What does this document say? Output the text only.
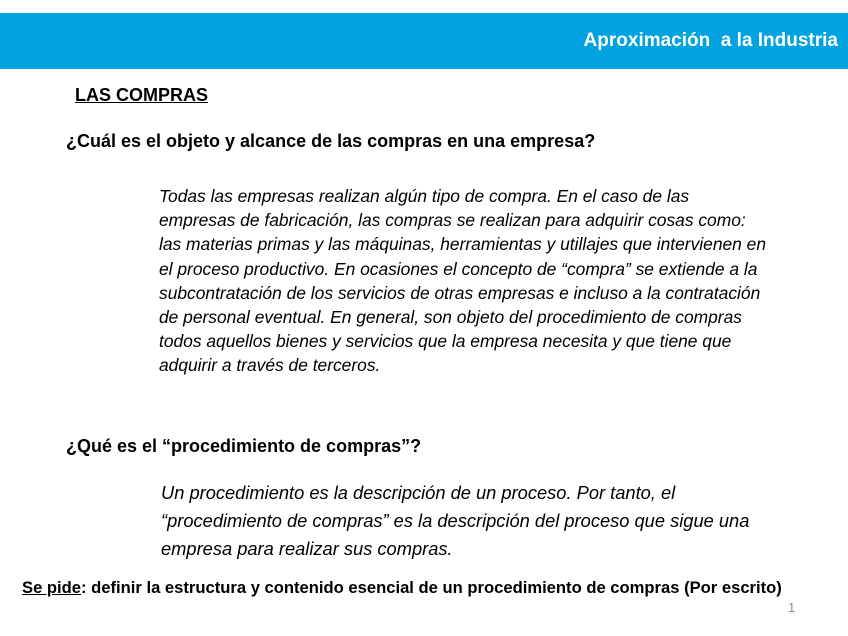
Aproximación  a la Industria
LAS COMPRAS
¿Cuál es el objeto y alcance de las compras en una empresa?
Todas las empresas realizan algún tipo de compra. En el caso de las empresas de fabricación, las compras se realizan para adquirir cosas como: las materias primas y las máquinas, herramientas y utillajes que intervienen en el proceso productivo. En ocasiones el concepto de “compra” se extiende a la subcontratación de los servicios de otras empresas e incluso a la contratación de personal eventual. En general, son objeto del procedimiento de compras todos aquellos bienes y servicios que la empresa necesita y que tiene que adquirir a través de terceros.
¿Qué es el “procedimiento de compras”?
Un procedimiento es la descripción de un proceso. Por tanto, el “procedimiento de compras” es la descripción del proceso que sigue una empresa para realizar sus compras.
Se pide: definir la estructura y contenido esencial de un procedimiento de compras (Por escrito)
1
